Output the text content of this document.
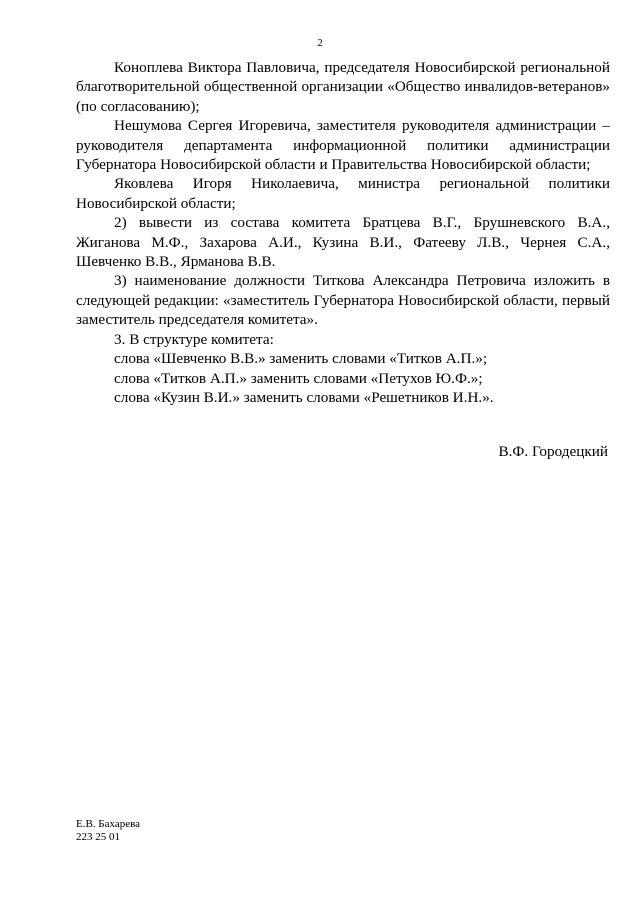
2

Коноплева Виктора Павловича, председателя Новосибирской региональной благотворительной общественной организации «Общество инвалидов-ветеранов» (по согласованию);

Нешумова Сергея Игоревича, заместителя руководителя администрации – руководителя департамента информационной политики администрации Губернатора Новосибирской области и Правительства Новосибирской области;

Яковлева Игоря Николаевича, министра региональной политики Новосибирской области;

2) вывести из состава комитета Братцева В.Г., Брушневского В.А., Жиганова М.Ф., Захарова А.И., Кузина В.И., Фатееву Л.В., Чернея С.А., Шевченко В.В., Ярманова В.В.

3) наименование должности Титкова Александра Петровича изложить в следующей редакции: «заместитель Губернатора Новосибирской области, первый заместитель председателя комитета».

3. В структуре комитета:

слова «Шевченко В.В.» заменить словами «Титков А.П.»;

слова «Титков А.П.» заменить словами «Петухов Ю.Ф.»;

слова «Кузин В.И.» заменить словами «Решетников И.Н.».

В.Ф. Городецкий
Е.В. Бахарева
223 25 01
